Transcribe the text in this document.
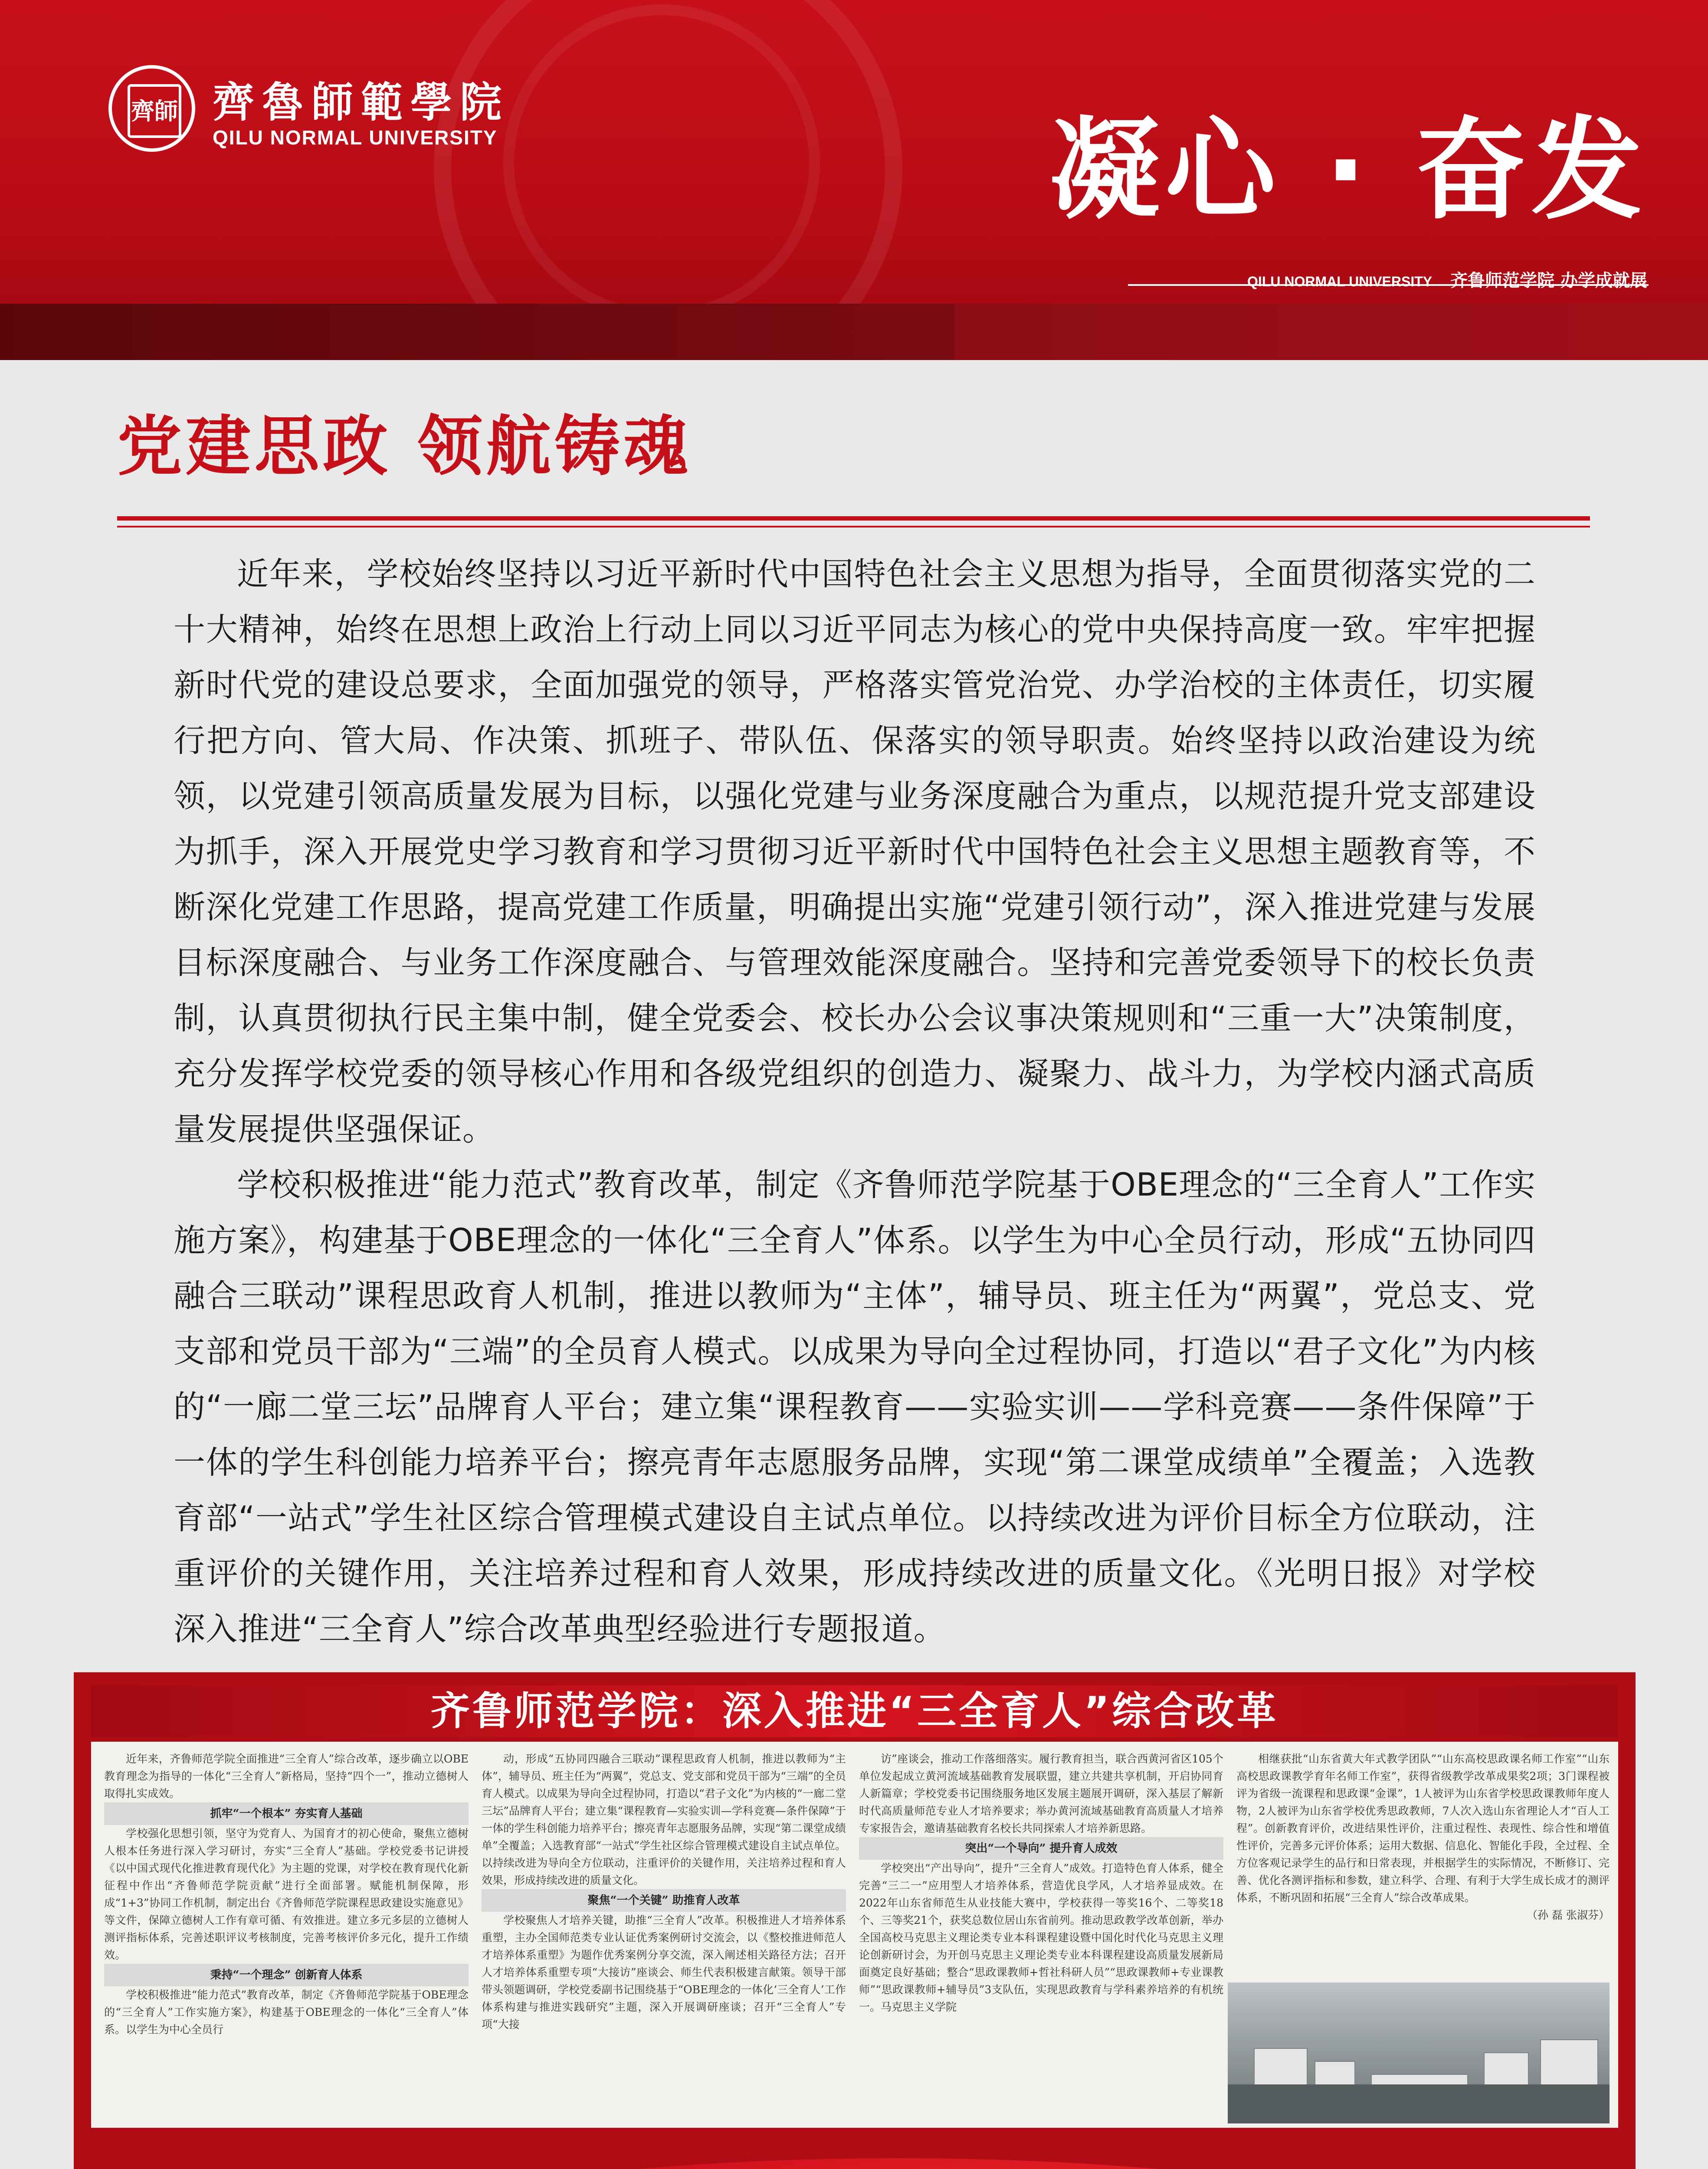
齊師 齊魯師範學院
QILU NORMAL UNIVERSITY	凝心 · 奋发
QILU NORMAL UNIVERSITY 齐鲁师范学院 办学成就展
党建思政 领航铸魂

近年来，学校始终坚持以习近平新时代中国特色社会主义思想为指导，全面贯彻落实党的二十大精神，始终在思想上政治上行动上同以习近平同志为核心的党中央保持高度一致。牢牢把握新时代党的建设总要求，全面加强党的领导，严格落实管党治党、办学治校的主体责任，切实履行把方向、管大局、作决策、抓班子、带队伍、保落实的领导职责。始终坚持以政治建设为统领，以党建引领高质量发展为目标，以强化党建与业务深度融合为重点，以规范提升党支部建设为抓手，深入开展党史学习教育和学习贯彻习近平新时代中国特色社会主义思想主题教育等，不断深化党建工作思路，提高党建工作质量，明确提出实施“党建引领行动”，深入推进党建与发展目标深度融合、与业务工作深度融合、与管理效能深度融合。坚持和完善党委领导下的校长负责制，认真贯彻执行民主集中制，健全党委会、校长办公会议事决策规则和“三重一大”决策制度，充分发挥学校党委的领导核心作用和各级党组织的创造力、凝聚力、战斗力，为学校内涵式高质量发展提供坚强保证。

学校积极推进“能力范式”教育改革，制定《齐鲁师范学院基于OBE理念的“三全育人”工作实施方案》，构建基于OBE理念的一体化“三全育人”体系。以学生为中心全员行动，形成“五协同四融合三联动”课程思政育人机制，推进以教师为“主体”，辅导员、班主任为“两翼”，党总支、党支部和党员干部为“三端”的全员育人模式。以成果为导向全过程协同，打造以“君子文化”为内核的“一廊二堂三坛”品牌育人平台；建立集“课程教育——实验实训——学科竞赛——条件保障”于一体的学生科创能力培养平台；擦亮青年志愿服务品牌，实现“第二课堂成绩单”全覆盖；入选教育部“一站式”学生社区综合管理模式建设自主试点单位。以持续改进为评价目标全方位联动，注重评价的关键作用，关注培养过程和育人效果，形成持续改进的质量文化。《光明日报》对学校深入推进“三全育人”综合改革典型经验进行专题报道。

齐鲁师范学院：深入推进“三全育人”综合改革

近年来，齐鲁师范学院全面推进“三全育人”综合改革，逐步确立以OBE教育理念为指导的一体化“三全育人”新格局，坚持“四个一”，推动立德树人取得扎实成效。

抓牢“一个根本” 夯实育人基础

学校强化思想引领，坚守为党育人、为国育才的初心使命，聚焦立德树人根本任务进行深入学习研讨，夯实“三全育人”基础。学校党委书记讲授《以中国式现代化推进教育现代化》为主题的党课，对学校在教育现代化新征程中作出“齐鲁师范学院贡献”进行全面部署。赋能机制保障，形成“1+3”协同工作机制，制定出台《齐鲁师范学院课程思政建设实施意见》等文件，保障立德树人工作有章可循、有效推进。建立多元多层的立德树人测评指标体系，完善述职评议考核制度，完善考核评价多元化，提升工作绩效。

秉持“一个理念” 创新育人体系

学校积极推进“能力范式”教育改革，制定《齐鲁师范学院基于OBE理念的“三全育人”工作实施方案》，构建基于OBE理念的一体化“三全育人”体系。以学生为中心全员行

动，形成“五协同四融合三联动”课程思政育人机制，推进以教师为“主体”，辅导员、班主任为“两翼”，党总支、党支部和党员干部为“三端”的全员育人模式。以成果为导向全过程协同，打造以“君子文化”为内核的“一廊二堂三坛”品牌育人平台；建立集“课程教育—实验实训—学科竞赛—条件保障”于一体的学生科创能力培养平台；擦亮青年志愿服务品牌，实现“第二课堂成绩单”全覆盖；入选教育部“一站式”学生社区综合管理模式建设自主试点单位。以持续改进为导向全方位联动，注重评价的关键作用，关注培养过程和育人效果，形成持续改进的质量文化。

聚焦“一个关键” 助推育人改革

学校聚焦人才培养关键，助推“三全育人”改革。积极推进人才培养体系重塑，主办全国师范类专业认证优秀案例研讨交流会，以《整校推进师范人才培养体系重塑》为题作优秀案例分享交流，深入阐述相关路径方法；召开人才培养体系重塑专项“大接访”座谈会、师生代表积极建言献策。领导干部带头领题调研，学校党委副书记围绕基于“OBE理念的一体化‘三全育人’工作体系构建与推进实践研究”主题，深入开展调研座谈；召开“三全育人”专项“大接

访”座谈会，推动工作落细落实。履行教育担当，联合西黄河省区105个单位发起成立黄河流域基础教育发展联盟，建立共建共享机制，开启协同育人新篇章；学校党委书记围绕服务地区发展主题展开调研，深入基层了解新时代高质量师范专业人才培养要求；举办黄河流域基础教育高质量人才培养专家报告会，邀请基础教育名校长共同探索人才培养新思路。

突出“一个导向” 提升育人成效

学校突出“产出导向”，提升“三全育人”成效。打造特色育人体系，健全完善“三二一”应用型人才培养体系，营造优良学风，人才培养显成效。在2022年山东省师范生从业技能大赛中，学校获得一等奖16个、二等奖18个、三等奖21个，获奖总数位居山东省前列。推动思政教学改革创新，举办全国高校马克思主义理论类专业本科课程建设暨中国化时代化马克思主义理论创新研讨会，为开创马克思主义理论类专业本科课程建设高质量发展新局面奠定良好基础；整合“思政课教师+哲社科研人员”“思政课教师+专业课教师”“思政课教师+辅导员”3支队伍，实现思政教育与学科素养培养的有机统一。马克思主义学院

相继获批“山东省黄大年式教学团队”“山东高校思政课名师工作室”“山东高校思政课教学育年名师工作室”，获得省级教学改革成果奖2项；3门课程被评为省级一流课程和思政课“金课”，1人被评为山东省学校思政课教师年度人物，2人被评为山东省学校优秀思政教师，7人次入选山东省理论人才“百人工程”。创新教育评价，改进结果性评价，注重过程性、表现性、综合性和增值性评价，完善多元评价体系；运用大数据、信息化、智能化手段，全过程、全方位客观记录学生的品行和日常表现，并根据学生的实际情况，不断修订、完善、优化各测评指标和参数，建立科学、合理、有利于大学生成长成才的测评体系，不断巩固和拓展“三全育人”综合改革成果。

（孙 磊 张淑芬）
